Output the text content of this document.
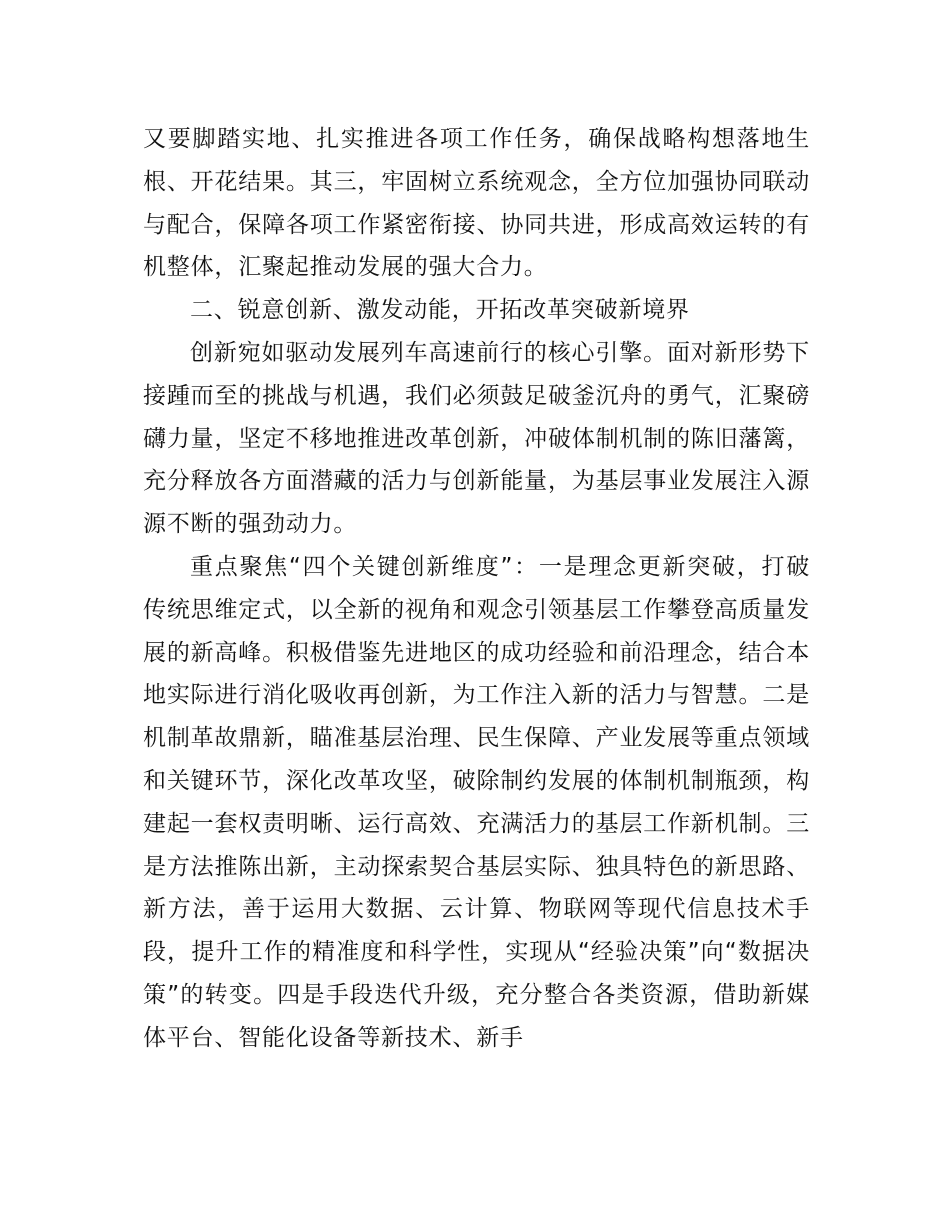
又要脚踏实地、扎实推进各项工作任务，确保战略构想落地生根、开花结果。其三，牢固树立系统观念，全方位加强协同联动与配合，保障各项工作紧密衔接、协同共进，形成高效运转的有机整体，汇聚起推动发展的强大合力。

二、锐意创新、激发动能，开拓改革突破新境界

创新宛如驱动发展列车高速前行的核心引擎。面对新形势下接踵而至的挑战与机遇，我们必须鼓足破釜沉舟的勇气，汇聚磅礴力量，坚定不移地推进改革创新，冲破体制机制的陈旧藩篱，充分释放各方面潜藏的活力与创新能量，为基层事业发展注入源源不断的强劲动力。

重点聚焦“四个关键创新维度”：一是理念更新突破，打破传统思维定式，以全新的视角和观念引领基层工作攀登高质量发展的新高峰。积极借鉴先进地区的成功经验和前沿理念，结合本地实际进行消化吸收再创新，为工作注入新的活力与智慧。二是机制革故鼎新，瞄准基层治理、民生保障、产业发展等重点领域和关键环节，深化改革攻坚，破除制约发展的体制机制瓶颈，构建起一套权责明晰、运行高效、充满活力的基层工作新机制。三是方法推陈出新，主动探索契合基层实际、独具特色的新思路、新方法，善于运用大数据、云计算、物联网等现代信息技术手段，提升工作的精准度和科学性，实现从“经验决策”向“数据决策”的转变。四是手段迭代升级，充分整合各类资源，借助新媒体平台、智能化设备等新技术、新手
